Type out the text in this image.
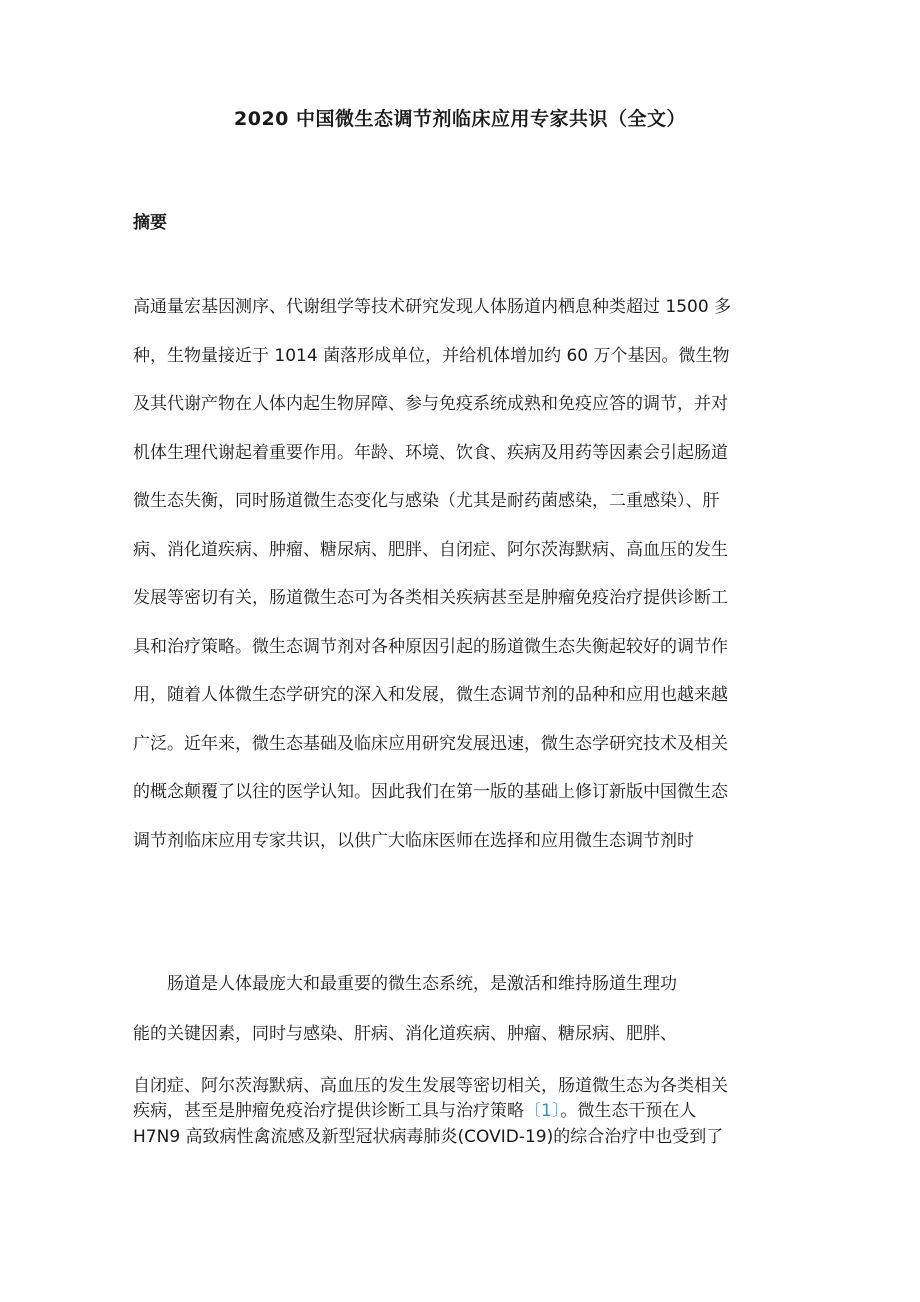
2020 中国微生态调节剂临床应用专家共识（全文）
摘要
高通量宏基因测序、代谢组学等技术研究发现人体肠道内栖息种类超过 1500 多
种，生物量接近于 1014 菌落形成单位，并给机体增加约 60 万个基因。微生物
及其代谢产物在人体内起生物屏障、参与免疫系统成熟和免疫应答的调节，并对
机体生理代谢起着重要作用。年龄、环境、饮食、疾病及用药等因素会引起肠道
微生态失衡，同时肠道微生态变化与感染（尤其是耐药菌感染，二重感染）、肝
病、消化道疾病、肿瘤、糖尿病、肥胖、自闭症、阿尔茨海默病、高血压的发生
发展等密切有关，肠道微生态可为各类相关疾病甚至是肿瘤免疫治疗提供诊断工
具和治疗策略。微生态调节剂对各种原因引起的肠道微生态失衡起较好的调节作
用，随着人体微生态学研究的深入和发展，微生态调节剂的品种和应用也越来越
广泛。近年来，微生态基础及临床应用研究发展迅速，微生态学研究技术及相关
的概念颠覆了以往的医学认知。因此我们在第一版的基础上修订新版中国微生态
调节剂临床应用专家共识，以供广大临床医师在选择和应用微生态调节剂时
　　肠道是人体最庞大和最重要的微生态系统，是激活和维持肠道生理功
能的关键因素，同时与感染、肝病、消化道疾病、肿瘤、糖尿病、肥胖、
自闭症、阿尔茨海默病、高血压的发生发展等密切相关，肠道微生态为各类相关
疾病，甚至是肿瘤免疫治疗提供诊断工具与治疗策略〔1〕。微生态干预在人
H7N9 高致病性禽流感及新型冠状病毒肺炎(COVID-19)的综合治疗中也受到了
